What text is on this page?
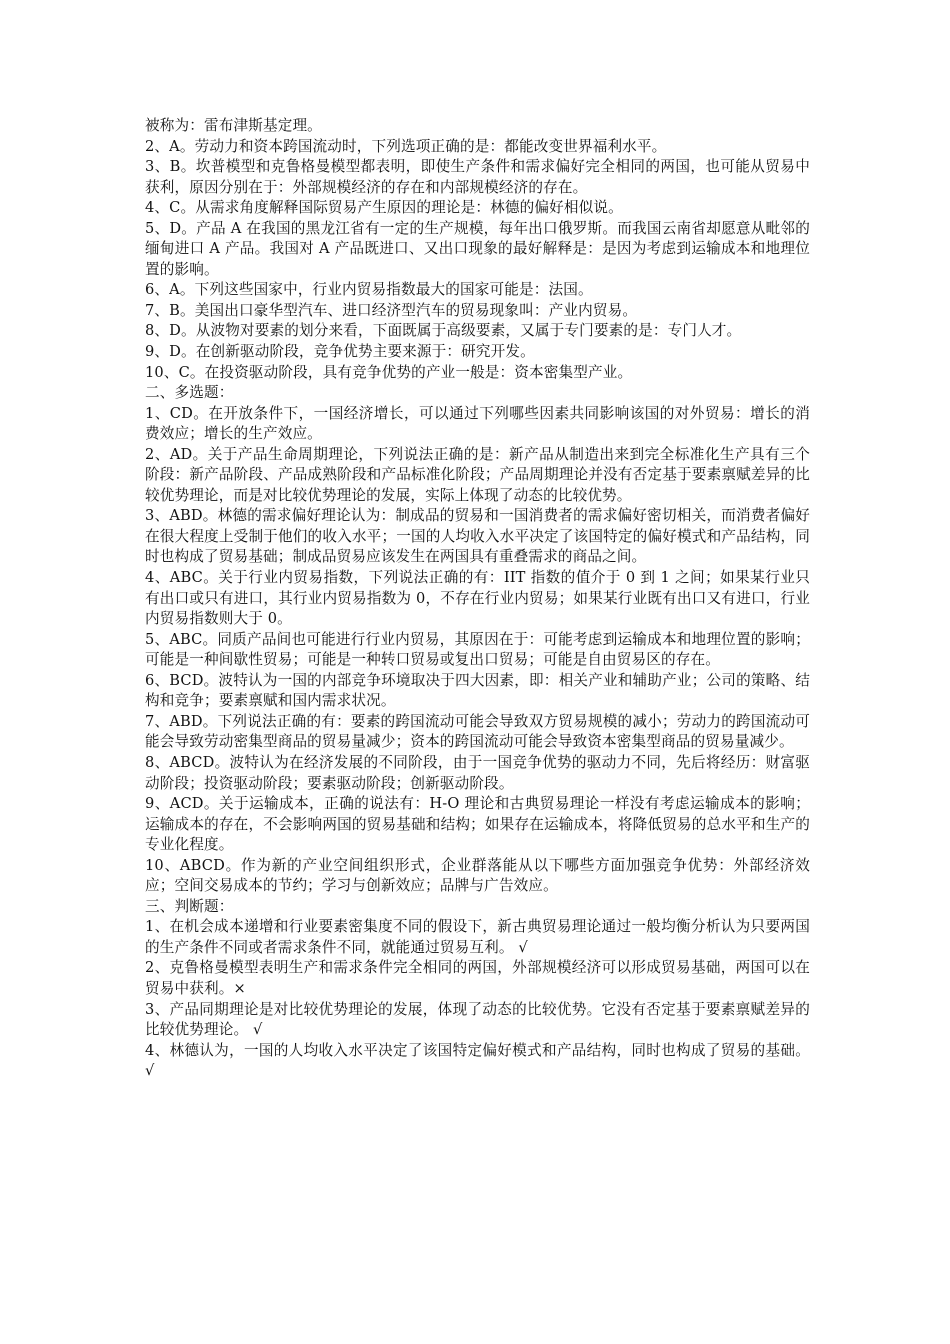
被称为：雷布津斯基定理。

2、A。劳动力和资本跨国流动时，下列选项正确的是：都能改变世界福利水平。

3、B。坎普模型和克鲁格曼模型都表明，即使生产条件和需求偏好完全相同的两国，也可能从贸易中获利，原因分别在于：外部规模经济的存在和内部规模经济的存在。

4、C。从需求角度解释国际贸易产生原因的理论是：林德的偏好相似说。

5、D。产品 A 在我国的黑龙江省有一定的生产规模，每年出口俄罗斯。而我国云南省却愿意从毗邻的缅甸进口 A 产品。我国对 A 产品既进口、又出口现象的最好解释是：是因为考虑到运输成本和地理位置的影响。

6、A。下列这些国家中，行业内贸易指数最大的国家可能是：法国。

7、B。美国出口豪华型汽车、进口经济型汽车的贸易现象叫：产业内贸易。

8、D。从波物对要素的划分来看，下面既属于高级要素，又属于专门要素的是：专门人才。

9、D。在创新驱动阶段，竞争优势主要来源于：研究开发。

10、C。在投资驱动阶段，具有竞争优势的产业一般是：资本密集型产业。

二、多选题：

1、CD。在开放条件下，一国经济增长，可以通过下列哪些因素共同影响该国的对外贸易：增长的消费效应；增长的生产效应。

2、AD。关于产品生命周期理论，下列说法正确的是：新产品从制造出来到完全标准化生产具有三个阶段：新产品阶段、产品成熟阶段和产品标准化阶段；产品周期理论并没有否定基于要素禀赋差异的比较优势理论，而是对比较优势理论的发展，实际上体现了动态的比较优势。

3、ABD。林德的需求偏好理论认为：制成品的贸易和一国消费者的需求偏好密切相关，而消费者偏好在很大程度上受制于他们的收入水平；一国的人均收入水平决定了该国特定的偏好模式和产品结构，同时也构成了贸易基础；制成品贸易应该发生在两国具有重叠需求的商品之间。

4、ABC。关于行业内贸易指数，下列说法正确的有：IIT 指数的值介于 0 到 1 之间；如果某行业只有出口或只有进口，其行业内贸易指数为 0，不存在行业内贸易；如果某行业既有出口又有进口，行业内贸易指数则大于 0。

5、ABC。同质产品间也可能进行行业内贸易，其原因在于：可能考虑到运输成本和地理位置的影响；可能是一种间歇性贸易；可能是一种转口贸易或复出口贸易；可能是自由贸易区的存在。

6、BCD。波特认为一国的内部竞争环境取决于四大因素，即：相关产业和辅助产业；公司的策略、结构和竞争；要素禀赋和国内需求状况。

7、ABD。下列说法正确的有：要素的跨国流动可能会导致双方贸易规模的减小；劳动力的跨国流动可能会导致劳动密集型商品的贸易量减少；资本的跨国流动可能会导致资本密集型商品的贸易量减少。

8、ABCD。波特认为在经济发展的不同阶段，由于一国竞争优势的驱动力不同，先后将经历：财富驱动阶段；投资驱动阶段；要素驱动阶段；创新驱动阶段。

9、ACD。关于运输成本，正确的说法有：H-O 理论和古典贸易理论一样没有考虑运输成本的影响；运输成本的存在，不会影响两国的贸易基础和结构；如果存在运输成本，将降低贸易的总水平和生产的专业化程度。

10、ABCD。作为新的产业空间组织形式，企业群落能从以下哪些方面加强竞争优势：外部经济效应；空间交易成本的节约；学习与创新效应；品牌与广告效应。

三、判断题：

1、在机会成本递增和行业要素密集度不同的假设下，新古典贸易理论通过一般均衡分析认为只要两国的生产条件不同或者需求条件不同，就能通过贸易互利。 √

2、克鲁格曼模型表明生产和需求条件完全相同的两国，外部规模经济可以形成贸易基础，两国可以在贸易中获利。×

3、产品同期理论是对比较优势理论的发展，体现了动态的比较优势。它没有否定基于要素禀赋差异的比较优势理论。 √

4、林德认为，一国的人均收入水平决定了该国特定偏好模式和产品结构，同时也构成了贸易的基础。 √
